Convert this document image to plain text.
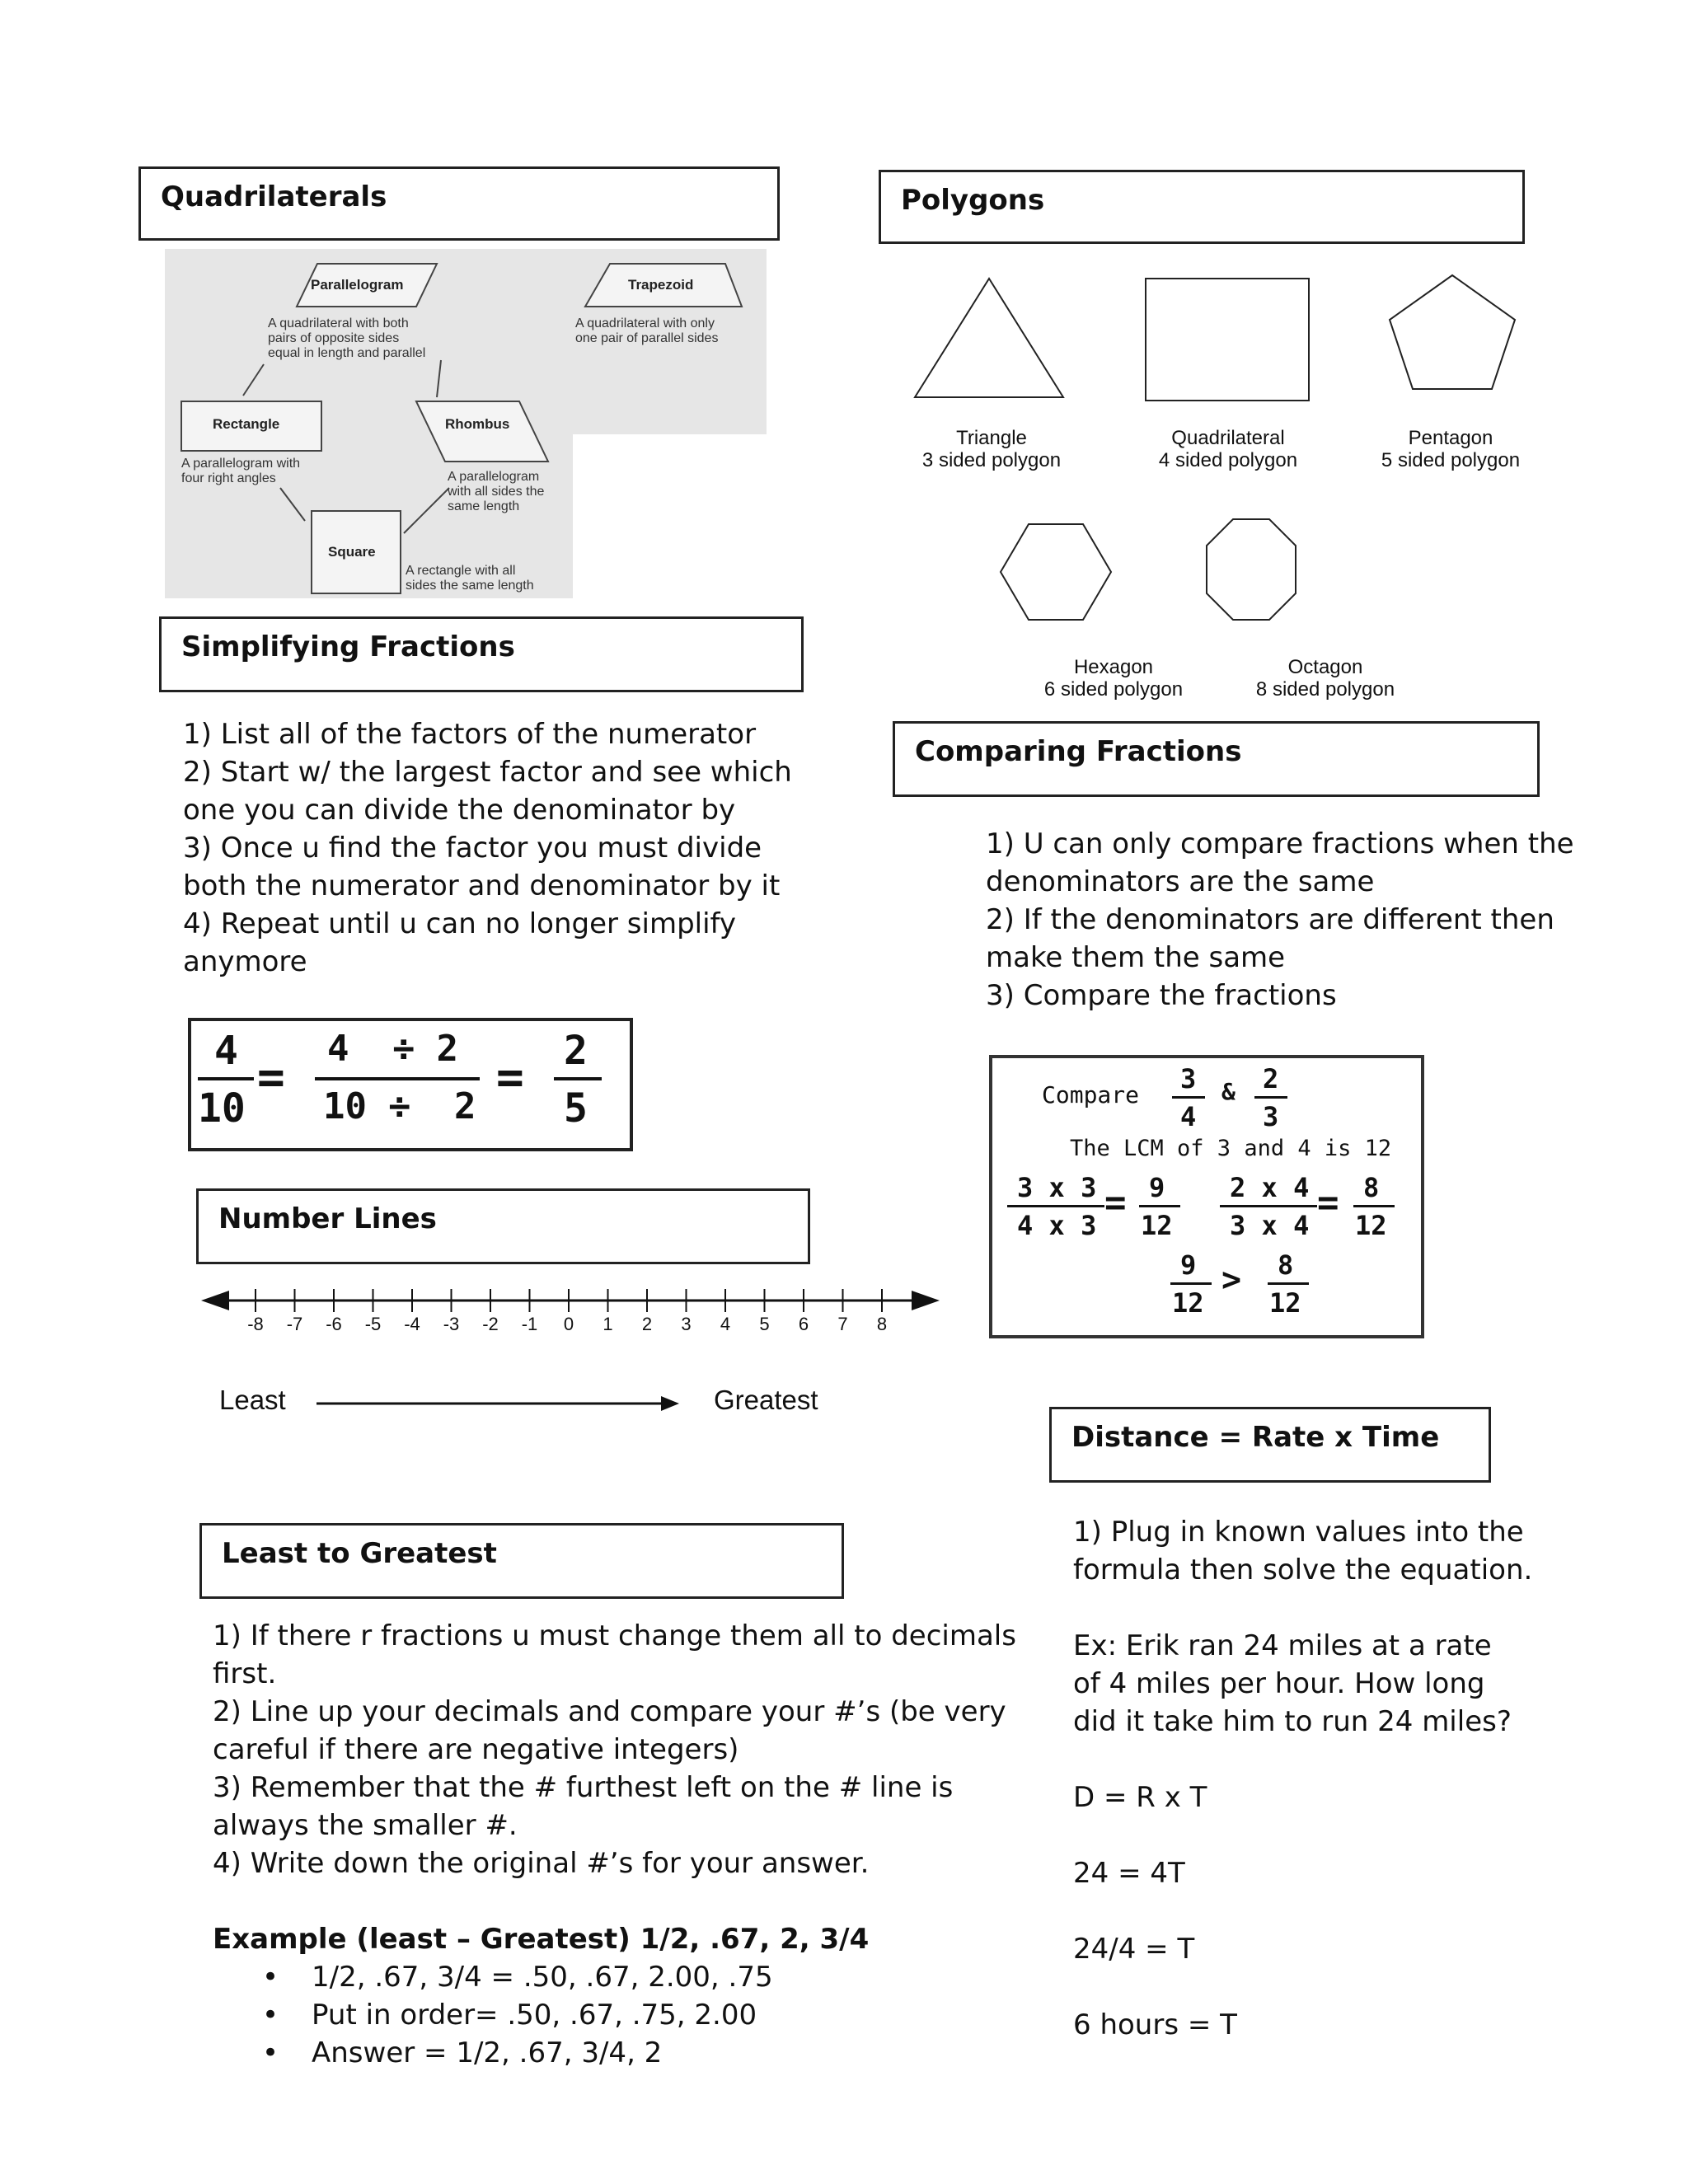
Quadrilaterals
Parallelogram
A quadrilateral with both
pairs of opposite sides
equal in length and parallel
Trapezoid
A quadrilateral with only
one pair of parallel sides
Rectangle
A parallelogram with
four right angles
Rhombus
A parallelogram
with all sides the
same length
Square
A rectangle with all
sides the same length
Polygons
Triangle
3 sided polygon
Quadrilateral
4 sided polygon
Pentagon
5 sided polygon
Hexagon
6 sided polygon
Octagon
8 sided polygon
Simplifying Fractions

1) List all of the factors of the numerator

2) Start w/ the largest factor and see which

one you can divide the denominator by

3) Once u find the factor you must divide

both the numerator and denominator by it

4) Repeat until u can no longer simplify

anymore

4
10
=
4  ÷ 2
10 ÷  2
= 2
5
Comparing Fractions

1) U can only compare fractions when the

denominators are the same

2) If the denominators are different then

make them the same

3) Compare the fractions

Compare
3
4
& 2
3
The LCM of 3 and 4 is 12
3 x 3
4 x 3
= 9
12
2 x 4
3 x 4
= 8
12
9
12
> 8
12
Number Lines
-8	-7	-6	-5	-4	-3	-2	-1	0	1	2	3	4	5	6	7	8
Least	Greatest
Distance = Rate x Time

1) Plug in known values into the

formula then solve the equation.

Ex: Erik ran 24 miles at a rate

of 4 miles per hour. How long

did it take him to run 24 miles?

D = R x T

24 = 4T

24/4 = T

6 hours = T

Least to Greatest

1) If there r fractions u must change them all to decimals

first.

2) Line up your decimals and compare your #’s (be very

careful if there are negative integers)

3) Remember that the # furthest left on the # line is

always the smaller #.

4) Write down the original #’s for your answer.

Example (least – Greatest) 1/2, .67, 2, 3/4

• 1/2, .67, 3/4 = .50, .67, 2.00, .75

• Put in order= .50, .67, .75, 2.00

• Answer = 1/2, .67, 3/4, 2
